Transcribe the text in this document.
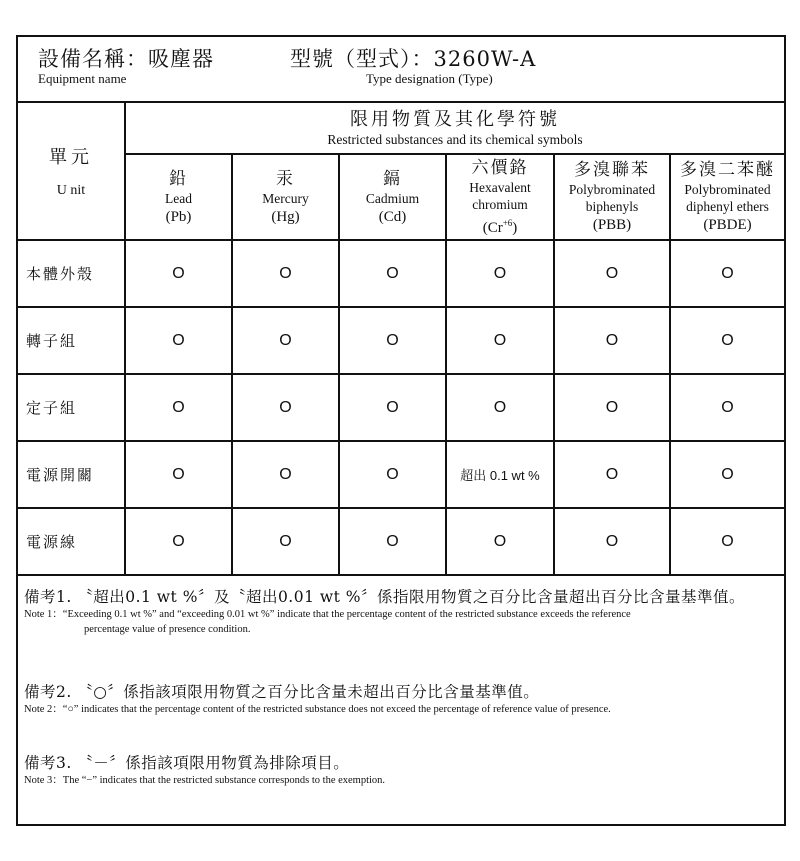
設備名稱：吸塵器
Equipment name
型號（型式）：3260W-A
Type designation (Type)
單元
U nit	限用物質及其化學符號
Restricted substances and its chemical symbols					

	鉛
Lead
(Pb)	汞
Mercury
(Hg)	鎘
Cadmium
(Cd)	六價鉻
Hexavalent
chromium
$(Cr^{+6})$	多溴聯苯
Polybrominated
biphenyls
(PBB)	多溴二苯醚
Polybrominated
diphenyl ethers
(PBDE)

本體外殼	O	O	O	O	O	O
轉子組	O	O	O	O	O	O
定子組	O	O	O	O	O	O
電源開關	O	O	O	超出 0.1 wt %	O	O
電源線	O	O	O	O	O	O
備考1. 〝超出0.1 wt %〞及〝超出0.01 wt %〞係指限用物質之百分比含量超出百分比含量基準值。
Note 1：“Exceeding 0.1 wt %” and “exceeding 0.01 wt %” indicate that the percentage content of the restricted substance exceeds the reference
percentage value of presence condition.
備考2. 〝○〞係指該項限用物質之百分比含量未超出百分比含量基準值。
Note 2：“○” indicates that the percentage content of the restricted substance does not exceed the percentage of reference value of presence.
備考3. 〝－〞係指該項限用物質為排除項目。
Note 3：The “−” indicates that the restricted substance corresponds to the exemption.
